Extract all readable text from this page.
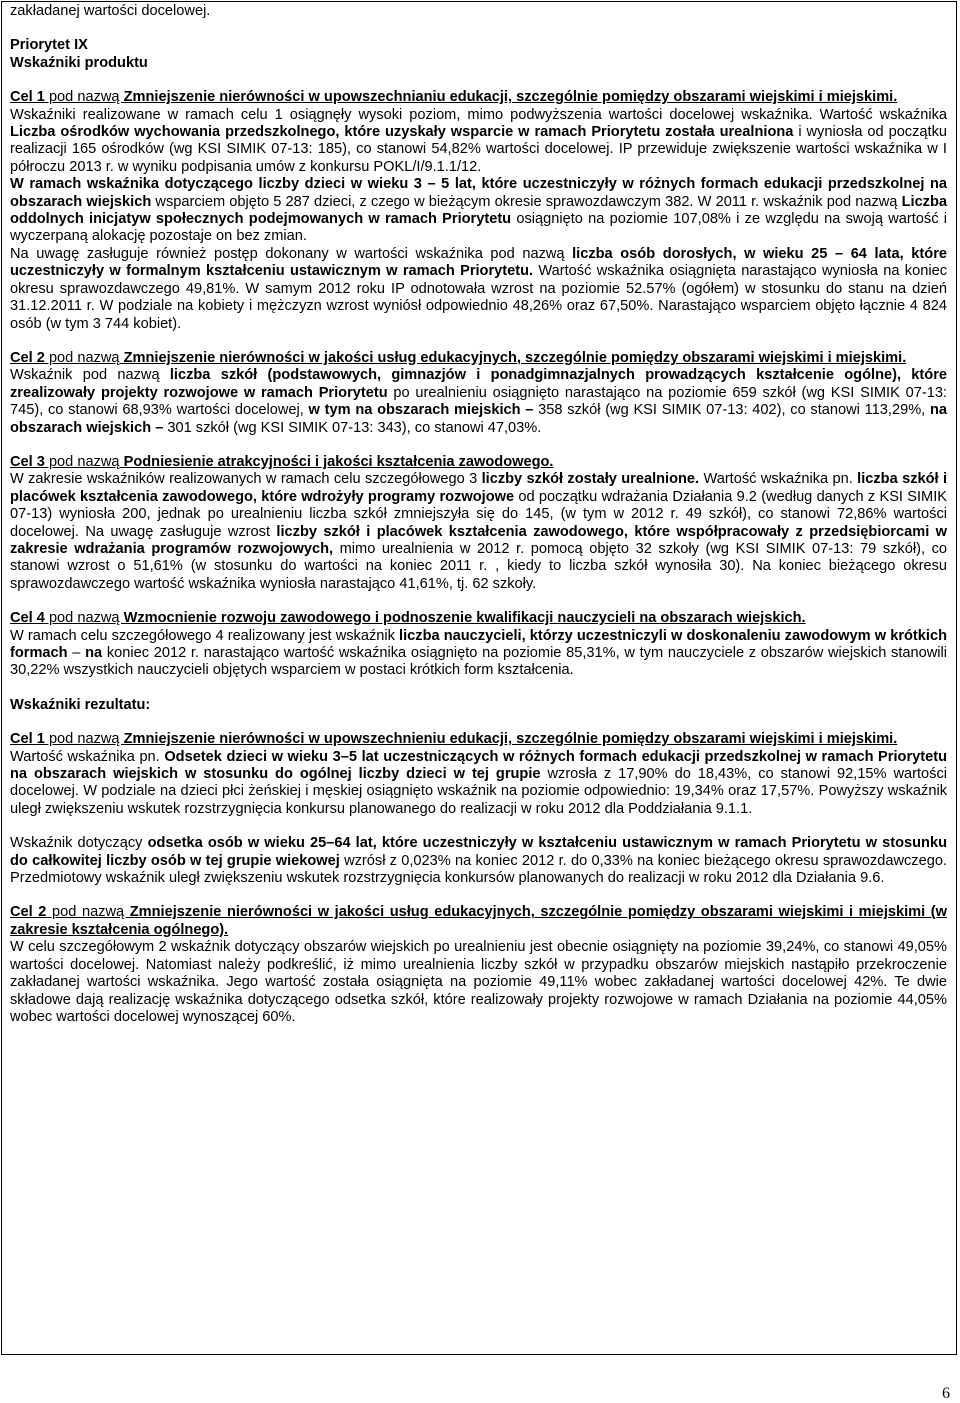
zakładanej wartości docelowej.

Priorytet IX

Wskaźniki produktu

Cel 1 pod nazwą Zmniejszenie nierówności w upowszechnianiu edukacji, szczególnie pomiędzy obszarami wiejskimi i miejskimi.

Wskaźniki realizowane w ramach celu 1 osiągnęły wysoki poziom, mimo podwyższenia wartości docelowej wskaźnika. Wartość wskaźnika Liczba ośrodków wychowania przedszkolnego, które uzyskały wsparcie w ramach Priorytetu została urealniona i wyniosła od początku realizacji 165 ośrodków (wg KSI SIMIK 07-13: 185), co stanowi 54,82% wartości docelowej. IP przewiduje zwiększenie wartości wskaźnika w I półroczu 2013 r. w wyniku podpisania umów z konkursu POKL/I/9.1.1/12.

W ramach wskaźnika dotyczącego liczby dzieci w wieku 3 – 5 lat, które uczestniczyły w różnych formach edukacji przedszkolnej na obszarach wiejskich wsparciem objęto 5 287 dzieci, z czego w bieżącym okresie sprawozdawczym 382. W 2011 r. wskaźnik pod nazwą Liczba oddolnych inicjatyw społecznych podejmowanych w ramach Priorytetu osiągnięto na poziomie 107,08% i ze względu na swoją wartość i wyczerpaną alokację pozostaje on bez zmian.

Na uwagę zasługuje również postęp dokonany w wartości wskaźnika pod nazwą liczba osób dorosłych, w wieku 25 – 64 lata, które uczestniczyły w formalnym kształceniu ustawicznym w ramach Priorytetu. Wartość wskaźnika osiągnięta narastająco wyniosła na koniec okresu sprawozdawczego 49,81%. W samym 2012 roku IP odnotowała wzrost na poziomie 52.57% (ogółem) w stosunku do stanu na dzień 31.12.2011 r. W podziale na kobiety i mężczyzn wzrost wyniósł odpowiednio 48,26% oraz 67,50%. Narastająco wsparciem objęto łącznie 4 824 osób (w tym 3 744 kobiet).

Cel 2 pod nazwą Zmniejszenie nierówności w jakości usług edukacyjnych, szczególnie pomiędzy obszarami wiejskimi i miejskimi.

Wskaźnik pod nazwą liczba szkół (podstawowych, gimnazjów i ponadgimnazjalnych prowadzących kształcenie ogólne), które zrealizowały projekty rozwojowe w ramach Priorytetu po urealnieniu osiągnięto narastająco na poziomie 659 szkół (wg KSI SIMIK 07-13: 745), co stanowi 68,93% wartości docelowej, w tym na obszarach miejskich – 358 szkół (wg KSI SIMIK 07-13: 402), co stanowi 113,29%, na obszarach wiejskich – 301 szkół (wg KSI SIMIK 07-13: 343), co stanowi 47,03%.

Cel 3 pod nazwą Podniesienie atrakcyjności i jakości kształcenia zawodowego.

W zakresie wskaźników realizowanych w ramach celu szczegółowego 3 liczby szkół zostały urealnione. Wartość wskaźnika pn. liczba szkół i placówek kształcenia zawodowego, które wdrożyły programy rozwojowe od początku wdrażania Działania 9.2 (według danych z KSI SIMIK 07-13) wyniosła 200, jednak po urealnieniu liczba szkół zmniejszyła się do 145, (w tym w 2012 r. 49 szkół), co stanowi 72,86% wartości docelowej. Na uwagę zasługuje wzrost liczby szkół i placówek kształcenia zawodowego, które współpracowały z przedsiębiorcami w zakresie wdrażania programów rozwojowych, mimo urealnienia w 2012 r. pomocą objęto 32 szkoły (wg KSI SIMIK 07-13: 79 szkół), co stanowi wzrost o 51,61% (w stosunku do wartości na koniec 2011 r. , kiedy to liczba szkół wynosiła 30). Na koniec bieżącego okresu sprawozdawczego wartość wskaźnika wyniosła narastająco 41,61%, tj. 62 szkoły.

Cel 4 pod nazwą Wzmocnienie rozwoju zawodowego i podnoszenie kwalifikacji nauczycieli na obszarach wiejskich.

W ramach celu szczegółowego 4 realizowany jest wskaźnik liczba nauczycieli, którzy uczestniczyli w doskonaleniu zawodowym w krótkich formach – na koniec 2012 r. narastająco wartość wskaźnika osiągnięto na poziomie 85,31%, w tym nauczyciele z obszarów wiejskich stanowili 30,22% wszystkich nauczycieli objętych wsparciem w postaci krótkich form kształcenia.

Wskaźniki rezultatu:

Cel 1 pod nazwą Zmniejszenie nierówności w upowszechnieniu edukacji, szczególnie pomiędzy obszarami wiejskimi i miejskimi.

Wartość wskaźnika pn. Odsetek dzieci w wieku 3–5 lat uczestniczących w różnych formach edukacji przedszkolnej w ramach Priorytetu na obszarach wiejskich w stosunku do ogólnej liczby dzieci w tej grupie wzrosła z 17,90% do 18,43%, co stanowi 92,15% wartości docelowej. W podziale na dzieci płci żeńskiej i męskiej osiągnięto wskaźnik na poziomie odpowiednio: 19,34% oraz 17,57%. Powyższy wskaźnik uległ zwiększeniu wskutek rozstrzygnięcia konkursu planowanego do realizacji w roku 2012 dla Poddziałania 9.1.1.

Wskaźnik dotyczący odsetka osób w wieku 25–64 lat, które uczestniczyły w kształceniu ustawicznym w ramach Priorytetu w stosunku do całkowitej liczby osób w tej grupie wiekowej wzrósł z 0,023% na koniec 2012 r. do 0,33% na koniec bieżącego okresu sprawozdawczego. Przedmiotowy wskaźnik uległ zwiększeniu wskutek rozstrzygnięcia konkursów planowanych do realizacji w roku 2012 dla Działania 9.6.

Cel 2 pod nazwą Zmniejszenie nierówności w jakości usług edukacyjnych, szczególnie pomiędzy obszarami wiejskimi i miejskimi (w zakresie kształcenia ogólnego).

W celu szczegółowym 2 wskaźnik dotyczący obszarów wiejskich po urealnieniu jest obecnie osiągnięty na poziomie 39,24%, co stanowi 49,05% wartości docelowej. Natomiast należy podkreślić, iż mimo urealnienia liczby szkół w przypadku obszarów miejskich nastąpiło przekroczenie zakładanej wartości wskaźnika. Jego wartość została osiągnięta na poziomie 49,11% wobec zakładanej wartości docelowej 42%. Te dwie składowe dają realizację wskaźnika dotyczącego odsetka szkół, które realizowały projekty rozwojowe w ramach Działania na poziomie 44,05% wobec wartości docelowej wynoszącej 60%.

6
